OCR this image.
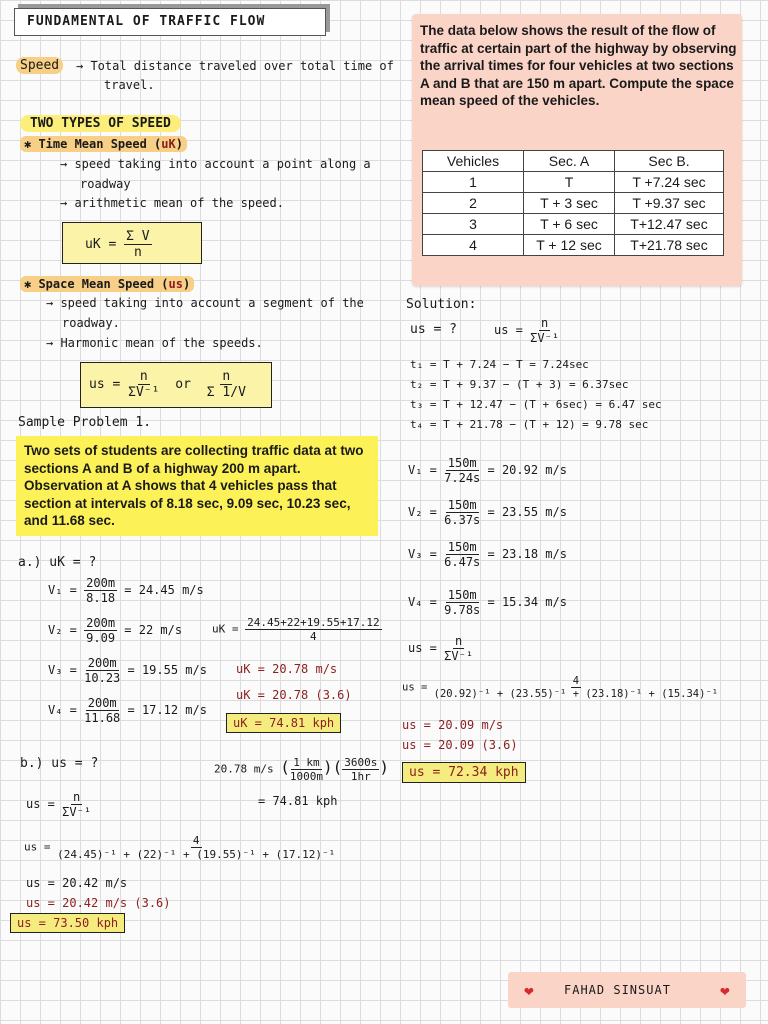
FUNDAMENTAL OF TRAFFIC FLOW
Speed	→ Total distance traveled over total time of
travel.
TWO TYPES OF SPEED
✱ Time Mean Speed (uK)
→ speed taking into account a point along a
roadway
→ arithmetic mean of the speed.
uK = $\frac{\text{Σ V}}{n}$
✱ Space Mean Speed (us)
→ speed taking into account a segment of the
roadway.
→ Harmonic mean of the speeds.
us = $\frac{n}{\text{ΣV⁻¹}}$ or $\frac{n}{\Sigma 1/V}$
Sample Problem 1.

Two sets of students are collecting traffic data at two sections A and B of a highway 200 m apart. Observation at A shows that 4 vehicles pass that section at intervals of 8.18 sec, 9.09 sec, 10.23 sec, and 11.68 sec.

a.) uK = ?
$V_1 = \frac{200m}{8.18} = 24.45$ m/s
$V_2 = \frac{200m}{9.09} = 22$ m/s
$V_3 = \frac{200m}{10.23} = 19.55$ m/s
$V_4 = \frac{200m}{11.68} = 17.12$ m/s
uK = $\frac{24.45+22+19.55+17.12}{4}$
uK = 20.78 m/s
uK = 20.78 (3.6)
uK = 74.81 kph
b.) us = ?	20.78 m/s ( $\frac{1 km}{1000m}$ )( $\frac{3600s}{1hr}$ )
= 74.81 kph
us = $\frac{n}{\text{ΣV⁻¹}}$
us = $\frac{4}{\text{(24.45)⁻¹ + (22)⁻¹ + (19.55)⁻¹ + (17.12)⁻¹}}$
us = 20.42 m/s
us = 20.42 m/s (3.6)
us = 73.50 kph

The data below shows the result of the flow of traffic at certain part of the highway by observing the arrival times for four vehicles at two sections A and B that are 150 m apart. Compute the space mean speed of the vehicles.

Vehicles	Sec. A	Sec B.
1	T	T +7.24 sec
2	T + 3 sec	T +9.37 sec
3	T + 6 sec	T+12.47 sec
4	T + 12 sec	T+21.78 sec
Solution:
us = ?	us = $\frac{n}{\text{ΣV⁻¹}}$
t₁ = T + 7.24 − T = 7.24sec
t₂ = T + 9.37 − (T + 3) = 6.37sec
t₃ = T + 12.47 − (T + 6sec) = 6.47 sec
t₄ = T + 21.78 − (T + 12) = 9.78 sec
$V_1 = \frac{150m}{7.24s} = 20.92$ m/s
$V_2 = \frac{150m}{6.37s} = 23.55$ m/s
$V_3 = \frac{150m}{6.47s} = 23.18$ m/s
$V_4 = \frac{150m}{9.78s} = 15.34$ m/s
us = $\frac{n}{\text{ΣV⁻¹}}$
us = $\frac{4}{\text{(20.92)⁻¹ + (23.55)⁻¹ + (23.18)⁻¹ + (15.34)⁻¹}}$
us = 20.09 m/s
us = 20.09 (3.6)
us = 72.34 kph
❤	FAHAD SINSUAT	❤
